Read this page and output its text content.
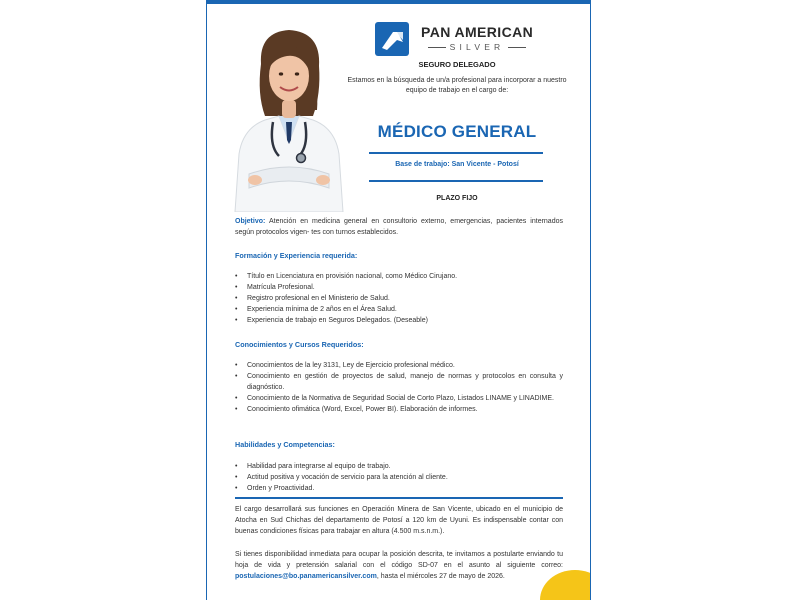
PAN AMERICAN
SILVER
SEGURO DELEGADO
Estamos en la búsqueda de un/a profesional para incorporar a nuestro equipo de trabajo en el cargo de:
MÉDICO GENERAL
Base de trabajo: San Vicente - Potosí
PLAZO FIJO
Objetivo: Atención en medicina general en consultorio externo, emergencias, pacientes internados según protocolos vigen- tes con turnos establecidos.
Formación y Experiencia requerida:
• Título en Licenciatura en provisión nacional, como Médico Cirujano.
• Matrícula Profesional.
• Registro profesional en el Ministerio de Salud.
• Experiencia mínima de 2 años en el Área Salud.
• Experiencia de trabajo en Seguros Delegados. (Deseable)
Conocimientos y Cursos Requeridos:
• Conocimientos de la ley 3131, Ley de Ejercicio profesional médico.
• Conocimiento en gestión de proyectos de salud, manejo de normas y protocolos en consulta y diagnóstico.
• Conocimiento de la Normativa de Seguridad Social de Corto Plazo, Listados LINAME y LINADIME.
• Conocimiento ofimática (Word, Excel, Power BI). Elaboración de informes.
Habilidades y Competencias:
• Habilidad para integrarse al equipo de trabajo.
• Actitud positiva y vocación de servicio para la atención al cliente.
• Orden y Proactividad.
El cargo desarrollará sus funciones en Operación Minera de San Vicente, ubicado en el municipio de Atocha en Sud Chichas del departamento de Potosí a 120 km de Uyuni. Es indispensable contar con buenas condiciones físicas para trabajar en altura (4.500 m.s.n.m.).
Si tienes disponibilidad inmediata para ocupar la posición descrita, te invitamos a postularte enviando tu hoja de vida y pretensión salarial con el código SD-07 en el asunto al siguiente correo: postulaciones@bo.panamericansilver.com, hasta el miércoles 27 de mayo de 2026.
